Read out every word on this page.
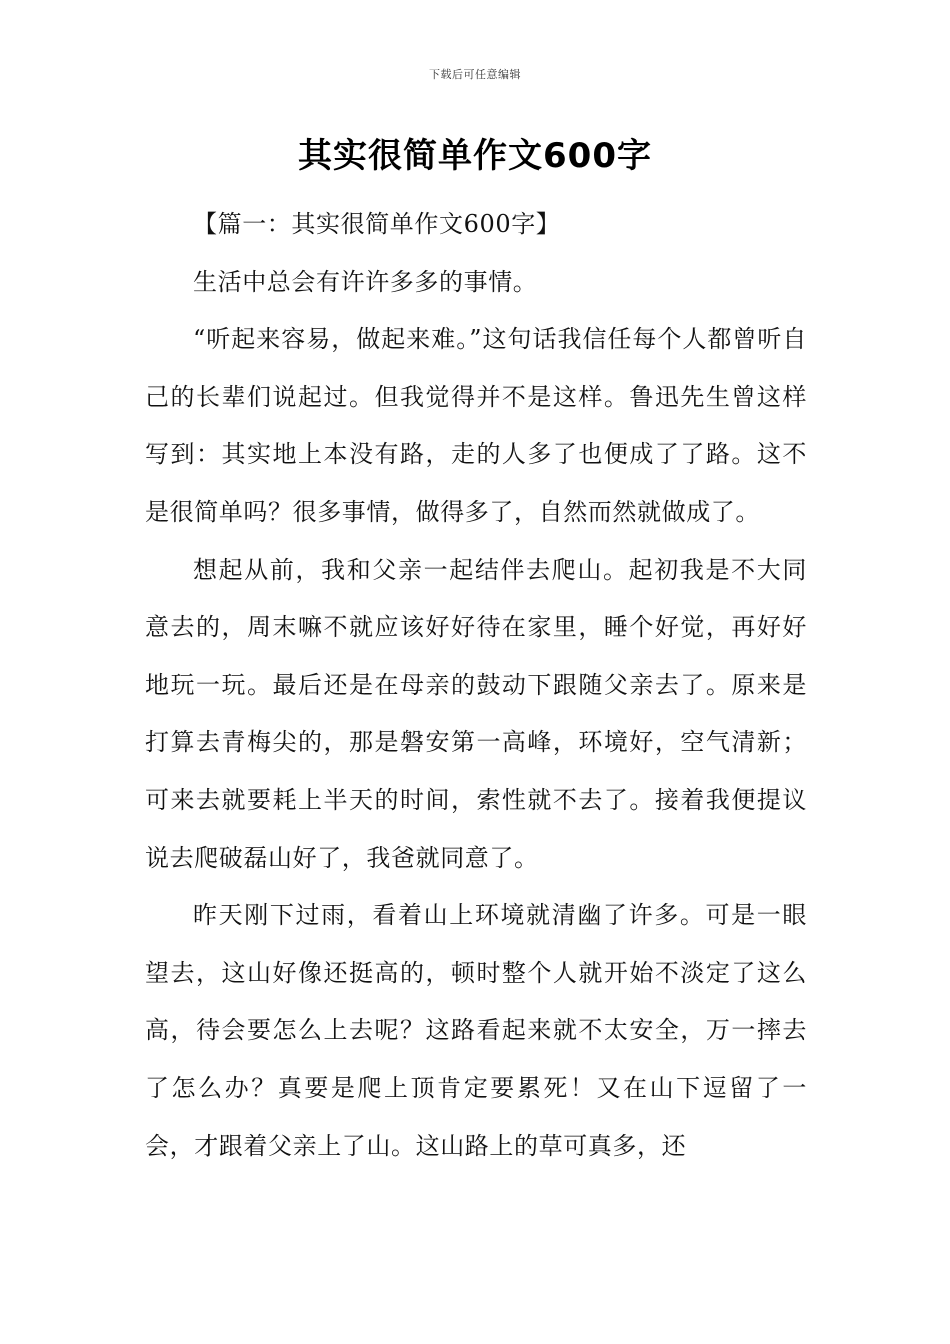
下载后可任意编辑
其实很简单作文600字

【篇一：其实很简单作文600字】

生活中总会有许许多多的事情。

“听起来容易，做起来难。”这句话我信任每个人都曾听自己的长辈们说起过。但我觉得并不是这样。鲁迅先生曾这样写到：其实地上本没有路，走的人多了也便成了了路。这不是很简单吗？很多事情，做得多了，自然而然就做成了。

想起从前，我和父亲一起结伴去爬山。起初我是不大同意去的，周末嘛不就应该好好待在家里，睡个好觉，再好好地玩一玩。最后还是在母亲的鼓动下跟随父亲去了。原来是打算去青梅尖的，那是磐安第一高峰，环境好，空气清新；可来去就要耗上半天的时间，索性就不去了。接着我便提议说去爬破磊山好了，我爸就同意了。

昨天刚下过雨，看着山上环境就清幽了许多。可是一眼望去，这山好像还挺高的，顿时整个人就开始不淡定了这么高，待会要怎么上去呢？这路看起来就不太安全，万一摔去了怎么办？真要是爬上顶肯定要累死！又在山下逗留了一会，才跟着父亲上了山。这山路上的草可真多，还
